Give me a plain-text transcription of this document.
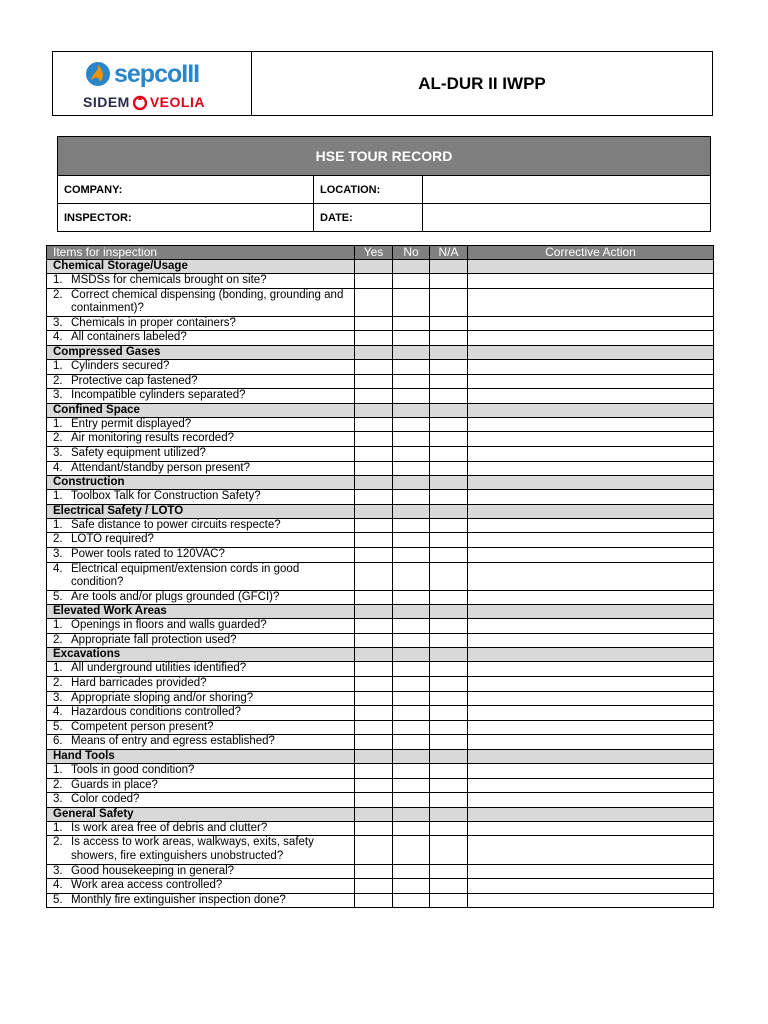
sepcoIII
SIDEM VEOLIA
AL-DUR II IWPP
HSE TOUR RECORD		
COMPANY:	LOCATION:	
INSPECTOR:	DATE:	
Items for inspection	Yes	No	N/A	Corrective Action
Chemical Storage/Usage				

1. MSDSs for chemicals brought on site?				

2. Correct chemical dispensing (bonding, grounding and containment)?				

3. Chemicals in proper containers?				

4. All containers labeled?				

Compressed Gases				

1. Cylinders secured?				

2. Protective cap fastened?				

3. Incompatible cylinders separated?				

Confined Space				

1. Entry permit displayed?				

2. Air monitoring results recorded?				

3. Safety equipment utilized?				

4. Attendant/standby person present?				

Construction				

1. Toolbox Talk for Construction Safety?				

Electrical Safety / LOTO				

1. Safe distance to power circuits respecte?				

2. LOTO required?				

3. Power tools rated to 120VAC?				

4. Electrical equipment/extension cords in good condition?				

5. Are tools and/or plugs grounded (GFCI)?				

Elevated Work Areas				

1. Openings in floors and walls guarded?				

2. Appropriate fall protection used?				

Excavations				

1. All underground utilities identified?				

2. Hard barricades provided?				

3. Appropriate sloping and/or shoring?				

4. Hazardous conditions controlled?				

5. Competent person present?				

6. Means of entry and egress established?				

Hand Tools				

1. Tools in good condition?				

2. Guards in place?				

3. Color coded?				

General Safety				

1. Is work area free of debris and clutter?				

2. Is access to work areas, walkways, exits, safety showers, fire extinguishers unobstructed?				

3. Good housekeeping in general?				

4. Work area access controlled?				

5. Monthly fire extinguisher inspection done?				
